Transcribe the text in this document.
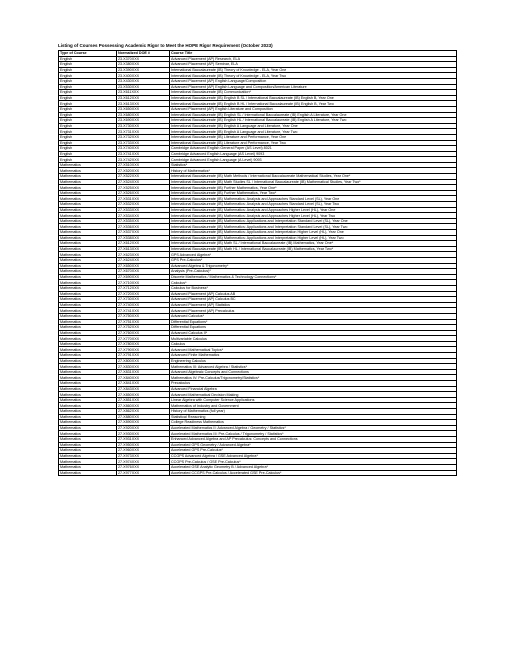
Listing of Courses Possessing Academic Rigor to Meet the HOPE Rigor Requirement (October 2023)
Type of Course	Normalized DOE #	Course Title
English	23.X370XXX	Advanced Placement (AP) Research, ELA
English	23.X380XXX	Advanced Placement (AP) Seminar, ELA
English	23.X390XXX	International Baccalaureate (IB) Theory of Knowledge - ELA, Year One
English	23.X400XXX	International Baccalaureate (IB) Theory of Knowledge - ELA, Year Two
English	23.X430XXX	Advanced Placement (AP) English Language/Composition
English	23.X530XXX	Advanced Placement (AP) English Language and Composition/American Literature
English	23.X611XXX	International Baccalaureate (IB) Communication*
English	23.X612XXX	International Baccalaureate (IB) English B SL / International Baccalaureate (IB) English B, Year One
English	23.X613XXX	International Baccalaureate (IB) English B HL / International Baccalaureate (IB) English B, Year Two
English	23.X650XXX	Advanced Placement (AP) English Literature and Composition
English	23.X680XXX	International Baccalaureate (IB) English SL / International Baccalaureate (IB) English A Literature, Year One
English	23.X690XXX	International Baccalaureate (IB) English HL / International Baccalaureate (IB) English A Literature, Year Two
English	23.X730XXX	International Baccalaureate (IB) English A Language and Literature, Year One
English	23.X731XXX	International Baccalaureate (IB) English A Language and Literature, Year Two
English	23.X732XXX	International Baccalaureate (IB) Literature and Performance, Year One
English	23.X733XXX	International Baccalaureate (IB) Literature and Performance, Year Two
English	23.X740XXX	Cambridge Advanced English General Paper (AS Level) 8021
English	23.X741XXX	Cambridge Advanced English Language (AS Level) 9093
English	23.X742XXX	Cambridge Advanced English Language (A Level) 9093
Mathematics	27.X510XXX	Statistics*
Mathematics	27.X520XXX	History of Mathematics*
Mathematics	27.X522XXX	International Baccalaureate (IB) Math Methods / International Baccalaureate Mathematical Studies, Year One*
Mathematics	27.X524XXX	International Baccalaureate (IB) Math Studies SL / International Baccalaureate (IB) Mathematical Studies, Year Two*
Mathematics	27.X525XXX	International Baccalaureate (IB) Further Mathematics, Year One*
Mathematics	27.X526XXX	International Baccalaureate (IB) Further Mathematics, Year Two*
Mathematics	27.X531XXX	International Baccalaureate (IB) Mathematics: Analysis and Approaches Standard Level (SL), Year One
Mathematics	27.X532XXX	International Baccalaureate (IB) Mathematics: Analysis and Approaches Standard Level (SL), Year Two
Mathematics	27.X533XXX	International Baccalaureate (IB) Mathematics: Analysis and Approaches Higher Level (HL), Year One
Mathematics	27.X534XXX	International Baccalaureate (IB) Mathematics: Analysis and Approaches Higher Level (HL), Year Two
Mathematics	27.X535XXX	International Baccalaureate (IB) Mathematics: Applications and Interpretation Standard Level (SL), Year One
Mathematics	27.X536XXX	International Baccalaureate (IB) Mathematics: Applications and Interpretation Standard Level (SL), Year Two
Mathematics	27.X537XXX	International Baccalaureate (IB) Mathematics: Applications and Interpretation Higher Level (HL), Year One
Mathematics	27.X538XXX	International Baccalaureate (IB) Mathematics: Applications and Interpretation Higher Level (HL), Year Two
Mathematics	27.X612XXX	International Baccalaureate (IB) Math SL / International Baccalaureate (IB) Mathematics, Year One*
Mathematics	27.X613XXX	International Baccalaureate (IB) Math HL / International Baccalaureate (IB) Mathematics, Year Two*
Mathematics	27.X623XXX	GPS Advanced Algebra*
Mathematics	27.X624XXX	GPS Pre-Calculus*
Mathematics	27.X650XXX	Advanced Algebra & Trigonometry*
Mathematics	27.X670XXX	Analysis (Pre-Calculus)*
Mathematics	27.X690XXX	Discrete Mathematics / Mathematics & Technology Connections*
Mathematics	27.X710XXX	Calculus*
Mathematics	27.X712XXX	Calculus for Business*
Mathematics	27.X720XXX	Advanced Placement (AP) Calculus AB
Mathematics	27.X730XXX	Advanced Placement (AP) Calculus BC
Mathematics	27.X740XXX	Advanced Placement (AP) Statistics
Mathematics	27.X741XXX	Advanced Placement (AP) Precalculus
Mathematics	27.X750XXX	Advanced Calculus*
Mathematics	27.X751XXX	Differential Equations*
Mathematics	27.X752XXX	Differential Equations
Mathematics	27.X760XXX	Advanced Calculus II*
Mathematics	27.X770XXX	Multivariable Calculus
Mathematics	27.X780XXX	Calculus
Mathematics	27.X790XXX	Advanced Mathematical Topics*
Mathematics	27.X791XXX	Advanced Finite Mathematics
Mathematics	27.X800XXX	Engineering Calculus
Mathematics	27.X830XXX	Mathematics III: Advanced Algebra / Statistics*
Mathematics	27.X831XXX	Advanced Algebraic Concepts and Connections
Mathematics	27.X840XXX	Mathematics IV: Pre-Calculus/Trigonometry/Statistics*
Mathematics	27.X841XXX	Precalculus
Mathematics	27.X843XXX	Advanced Financial Algebra
Mathematics	27.X850XXX	Advanced Mathematical Decision Making
Mathematics	27.X851XXX	Linear Algebra with Computer Science Applications
Mathematics	27.X860XXX	Mathematics of Industry and Government
Mathematics	27.X862XXX	History of Mathematics (full year)
Mathematics	27.X880XXX	Statistical Reasoning
Mathematics	27.X890XXX	College Readiness Mathematics
Mathematics	27.X920XXX	Accelerated Mathematics II: Advanced Algebra / Geometry / Statistics*
Mathematics	27.X930XXX	Accelerated Mathematics III: Pre-Calculus / Trigonometry / Statistics*
Mathematics	27.X931XXX	Enhanced Advanced Algebra and AP Precalculus: Concepts and Connections
Mathematics	27.X950XXX	Accelerated GPS Geometry / Advanced Algebra*
Mathematics	27.X960XXX	Accelerated GPS Pre-Calculus*
Mathematics	27.X973XXX	CCGPS Advanced Algebra / GSE Advanced Algebra*
Mathematics	27.X974XXX	CCGPS Pre-Calculus / GSE Pre-Calculus*
Mathematics	27.X976XXX	Accelerated GSE Analytic Geometry B / Advanced Algebra*
Mathematics	27.X977XXX	Accelerated CCGPS Pre-Calculus / Accelerated GSE Pre-Calculus*
